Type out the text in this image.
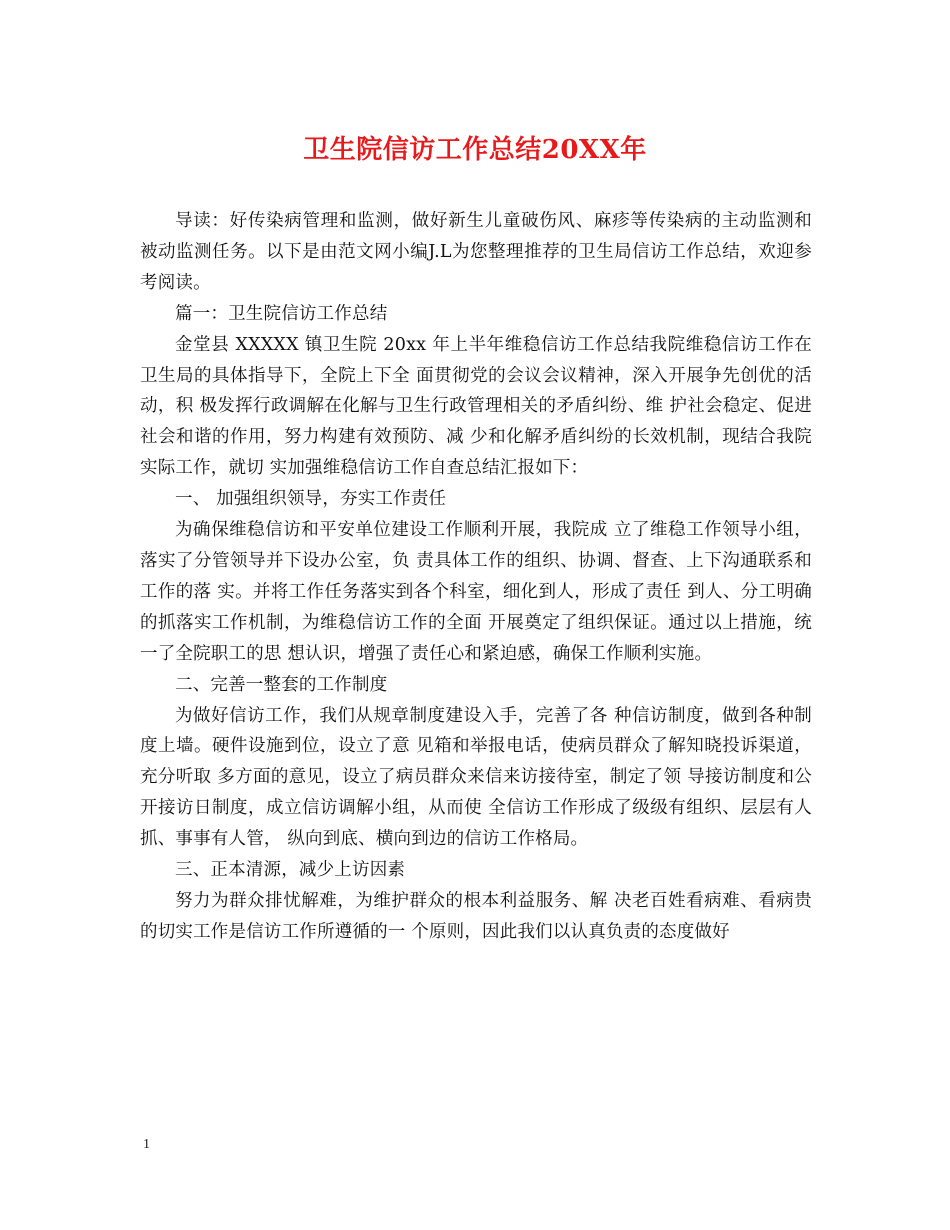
卫生院信访工作总结20XX年

导读：好传染病管理和监测，做好新生儿童破伤风、麻疹等传染病的主动监测和被动监测任务。以下是由范文网小编J.L为您整理推荐的卫生局信访工作总结，欢迎参考阅读。

篇一：卫生院信访工作总结

金堂县 XXXXX 镇卫生院 20xx 年上半年维稳信访工作总结我院维稳信访工作在卫生局的具体指导下，全院上下全 面贯彻党的会议会议精神，深入开展争先创优的活动，积 极发挥行政调解在化解与卫生行政管理相关的矛盾纠纷、维 护社会稳定、促进社会和谐的作用，努力构建有效预防、减 少和化解矛盾纠纷的长效机制，现结合我院实际工作，就切 实加强维稳信访工作自查总结汇报如下：

一、 加强组织领导，夯实工作责任

为确保维稳信访和平安单位建设工作顺利开展，我院成 立了维稳工作领导小组，落实了分管领导并下设办公室，负 责具体工作的组织、协调、督查、上下沟通联系和工作的落 实。并将工作任务落实到各个科室，细化到人，形成了责任 到人、分工明确的抓落实工作机制，为维稳信访工作的全面 开展奠定了组织保证。通过以上措施，统一了全院职工的思 想认识，增强了责任心和紧迫感，确保工作顺利实施。

二、完善一整套的工作制度

为做好信访工作，我们从规章制度建设入手，完善了各 种信访制度，做到各种制度上墙。硬件设施到位，设立了意 见箱和举报电话，使病员群众了解知晓投诉渠道，充分听取 多方面的意见，设立了病员群众来信来访接待室，制定了领 导接访制度和公开接访日制度，成立信访调解小组，从而使 全信访工作形成了级级有组织、层层有人抓、事事有人管， 纵向到底、横向到边的信访工作格局。

三、正本清源，减少上访因素

努力为群众排忧解难，为维护群众的根本利益服务、解 决老百姓看病难、看病贵的切实工作是信访工作所遵循的一 个原则，因此我们以认真负责的态度做好

1
